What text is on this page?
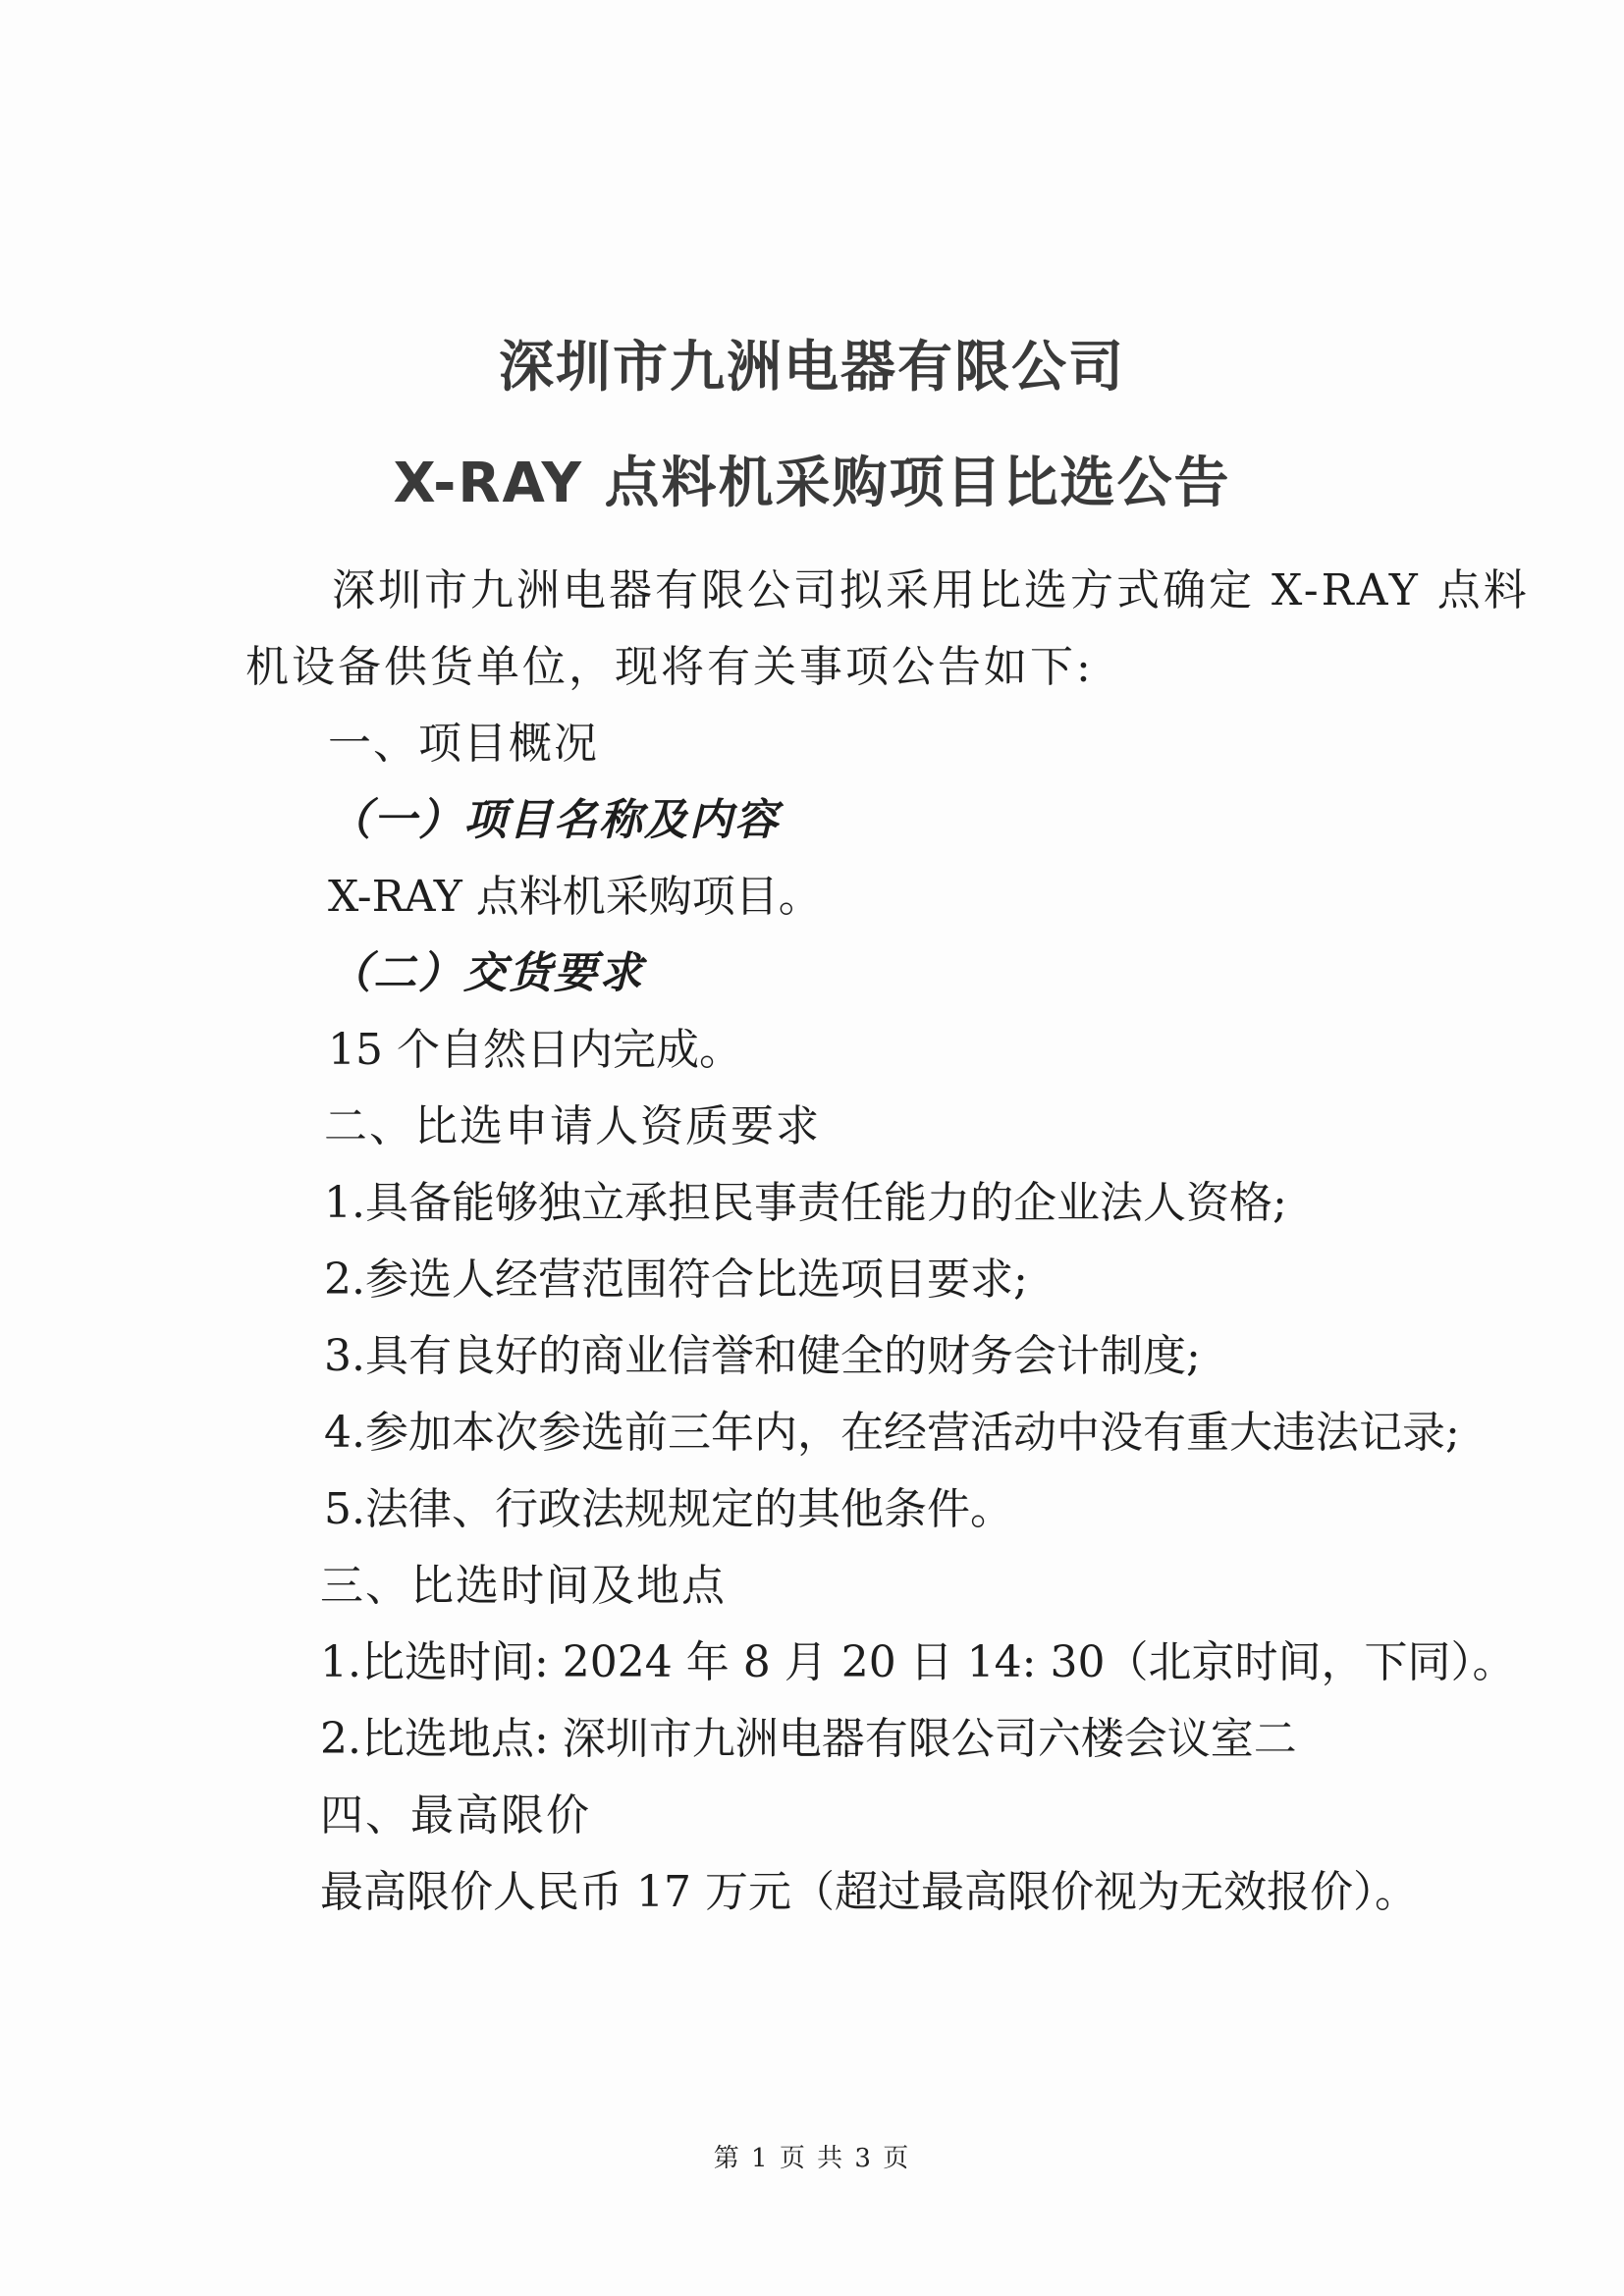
深圳市九洲电器有限公司
X-RAY 点料机采购项目比选公告

深圳市九洲电器有限公司拟采用比选方式确定 X-RAY 点料

机设备供货单位，现将有关事项公告如下:

一、项目概况

（一）项目名称及内容

X-RAY 点料机采购项目。

（二）交货要求

15 个自然日内完成。

二、比选申请人资质要求

1.具备能够独立承担民事责任能力的企业法人资格;

2.参选人经营范围符合比选项目要求;

3.具有良好的商业信誉和健全的财务会计制度;

4.参加本次参选前三年内，在经营活动中没有重大违法记录;

5.法律、行政法规规定的其他条件。

三、比选时间及地点

1.比选时间: 2024 年 8 月 20 日 14: 30（北京时间，下同）。

2.比选地点: 深圳市九洲电器有限公司六楼会议室二

四、最高限价

最高限价人民币 17 万元（超过最高限价视为无效报价）。

第 1 页 共 3 页
